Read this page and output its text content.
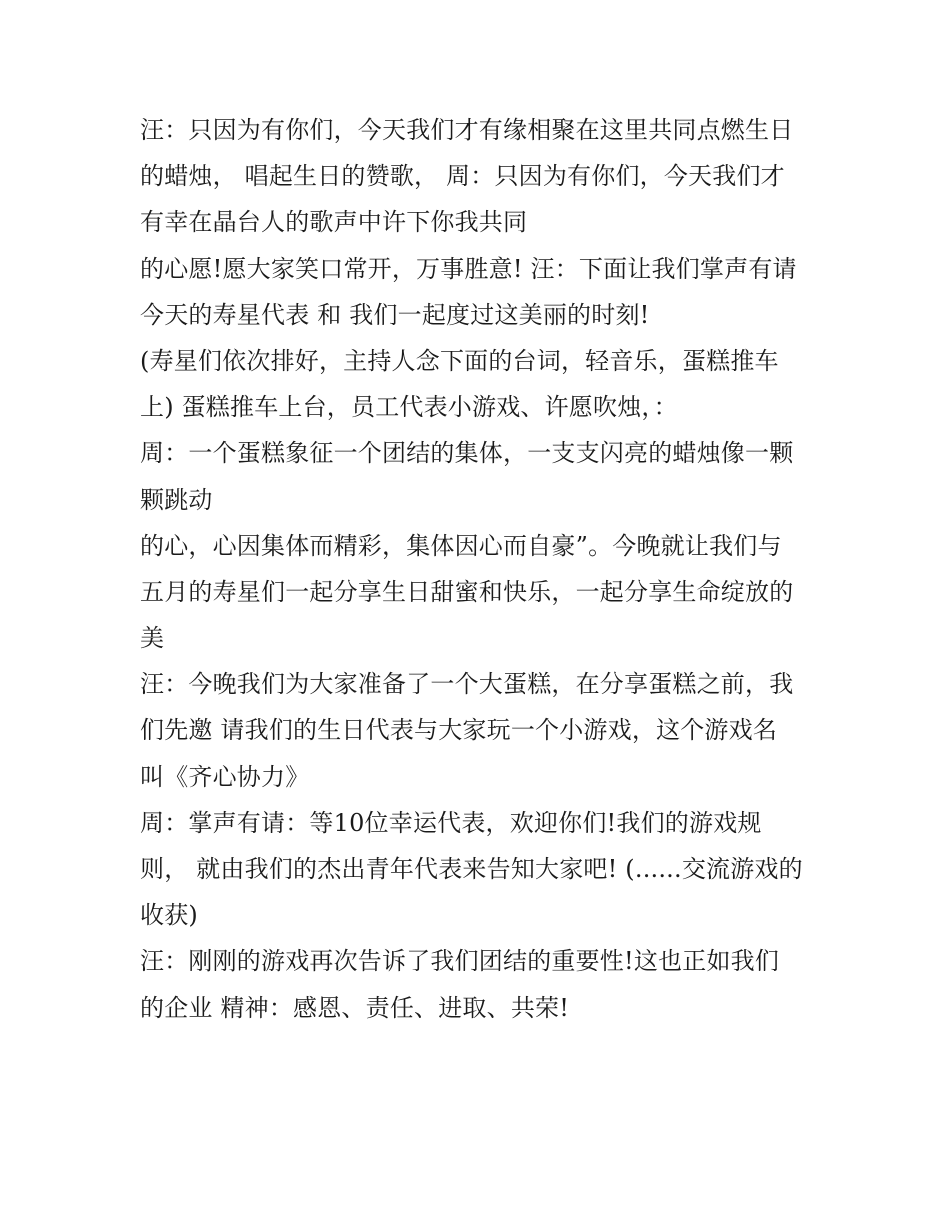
汪：只因为有你们，今天我们才有缘相聚在这里共同点燃生日
的蜡烛， 唱起生日的赞歌， 周：只因为有你们，今天我们才
有幸在晶台人的歌声中许下你我共同
的心愿!愿大家笑口常开，万事胜意! 汪：下面让我们掌声有请
今天的寿星代表 和 我们一起度过这美丽的时刻!
(寿星们依次排好，主持人念下面的台词，轻音乐，蛋糕推车
上) 蛋糕推车上台，员工代表小游戏、许愿吹烛，：
周：一个蛋糕象征一个团结的集体，一支支闪亮的蜡烛像一颗
颗跳动
的心，心因集体而精彩，集体因心而自豪”。今晚就让我们与
五月的寿星们一起分享生日甜蜜和快乐，一起分享生命绽放的
美
汪：今晚我们为大家准备了一个大蛋糕，在分享蛋糕之前，我
们先邀 请我们的生日代表与大家玩一个小游戏，这个游戏名
叫《齐心协力》
周：掌声有请：等10位幸运代表，欢迎你们!我们的游戏规
则， 就由我们的杰出青年代表来告知大家吧! (......交流游戏的
收获)
汪：刚刚的游戏再次告诉了我们团结的重要性!这也正如我们
的企业 精神：感恩、责任、进取、共荣!
